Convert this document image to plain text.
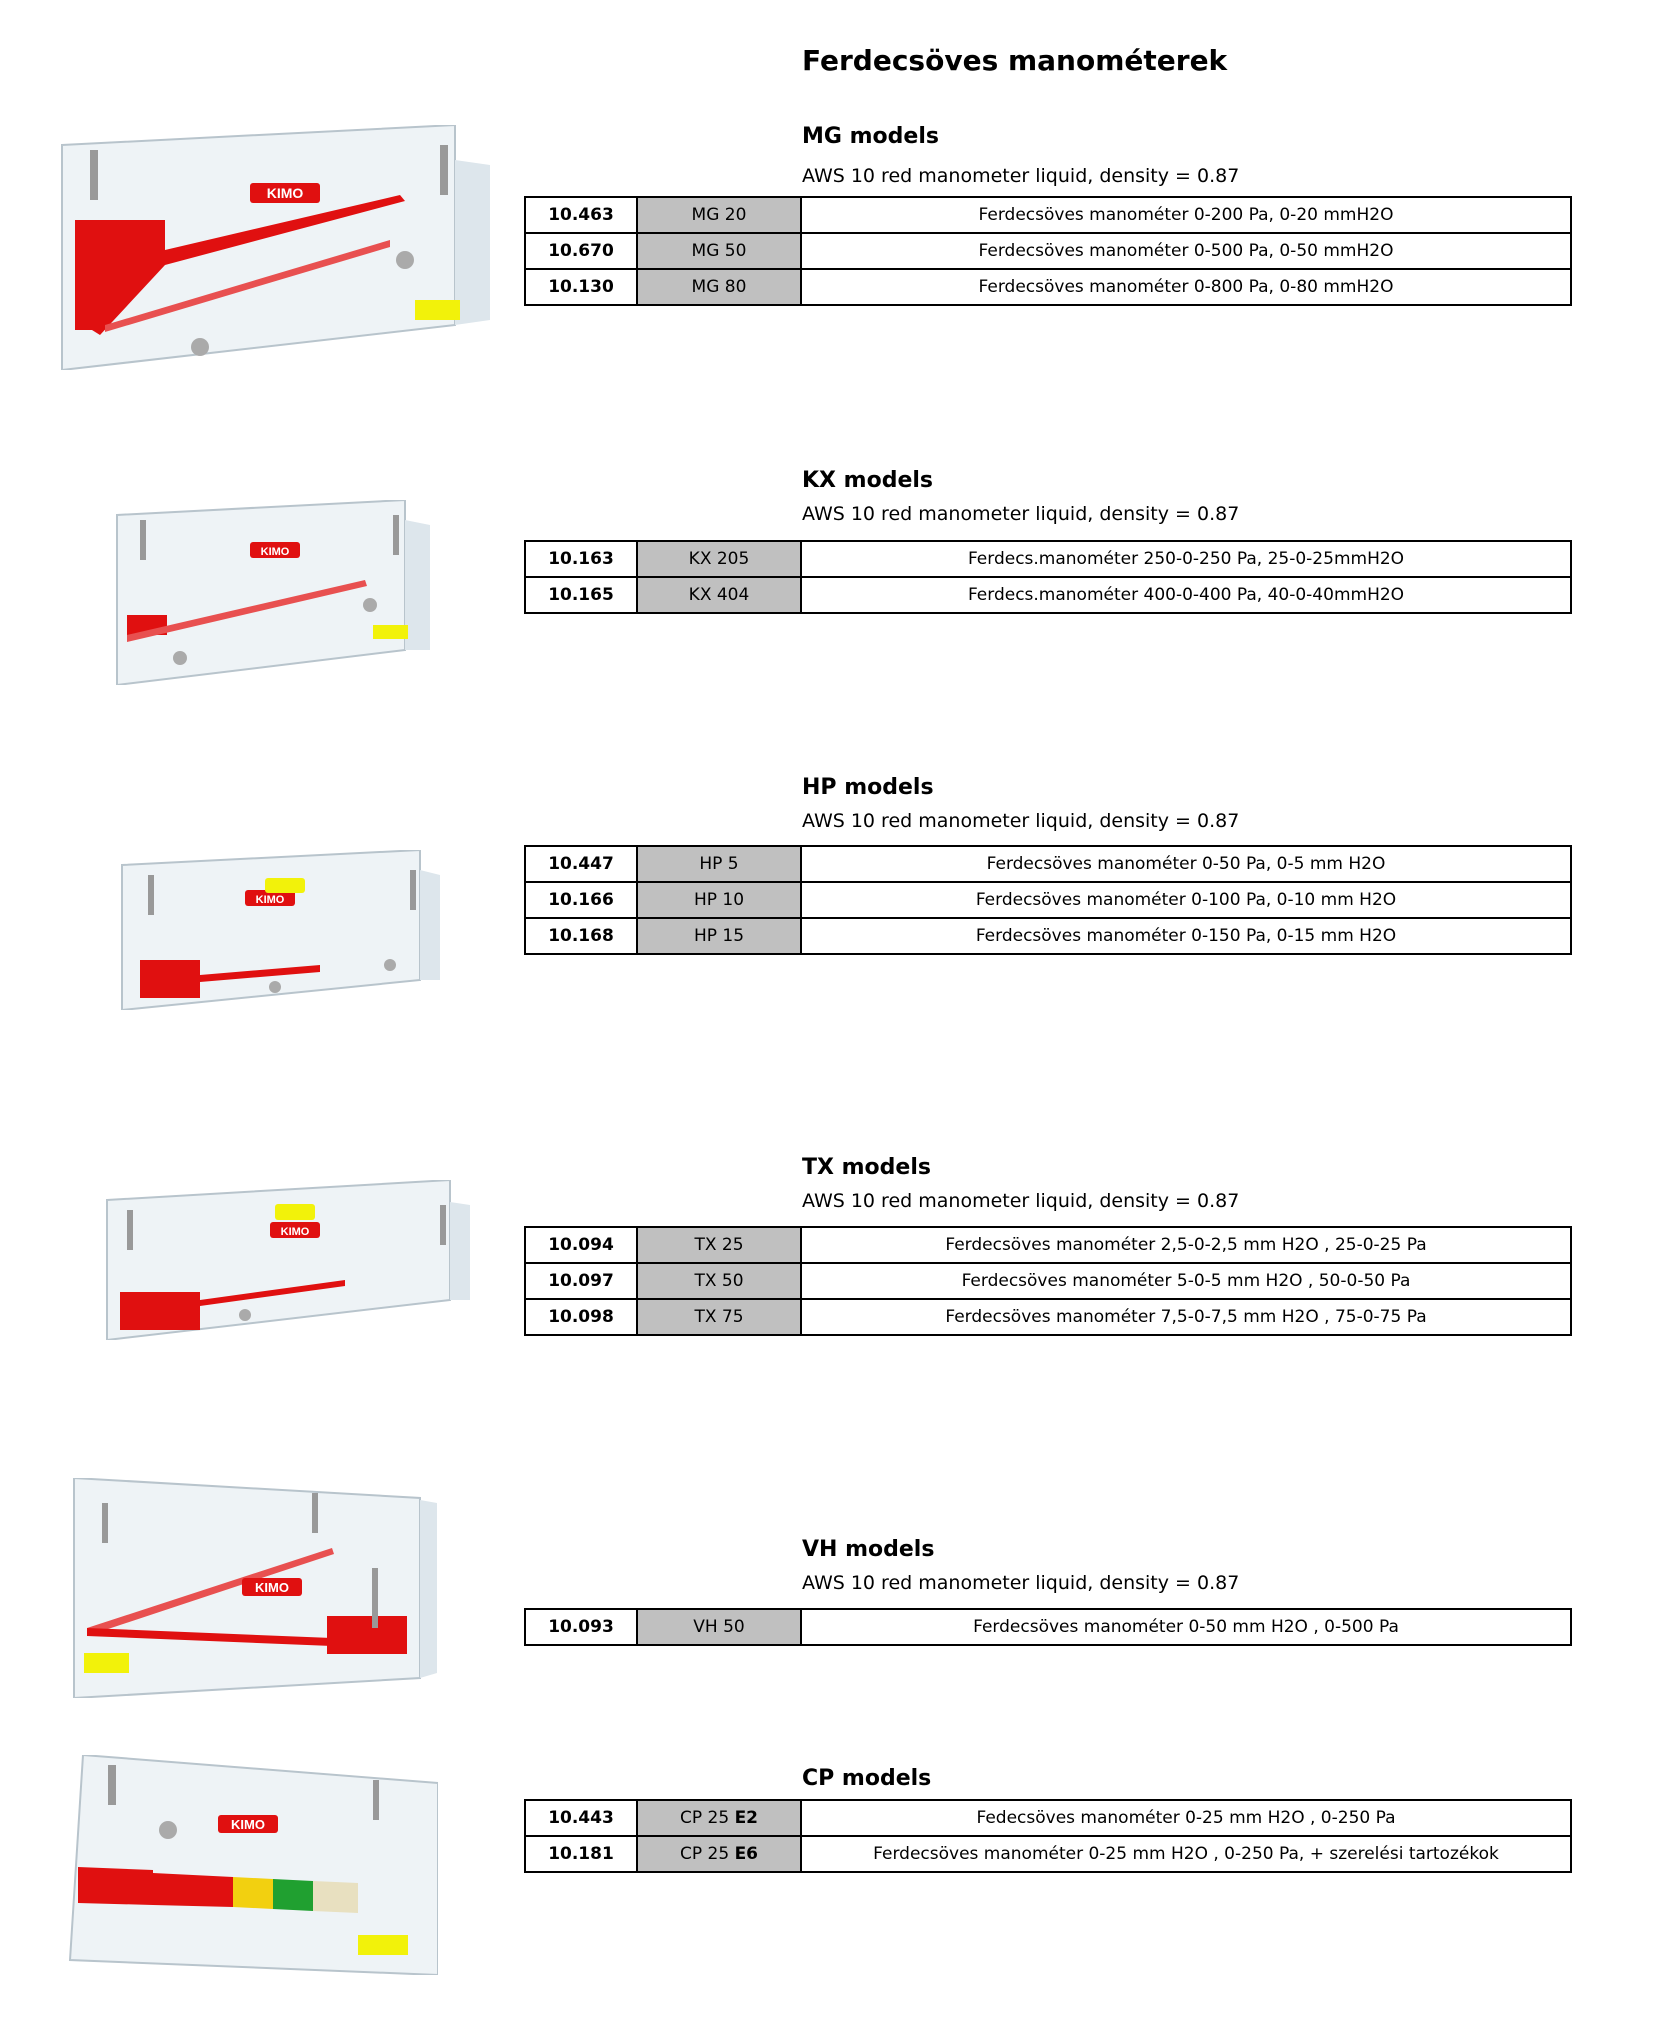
Ferdecsöves manométerek
KIMO
MG models
AWS 10 red manometer liquid, density = 0.87
10.463	MG 20	Ferdecsöves manométer 0-200 Pa, 0-20 mmH2O
10.670	MG 50	Ferdecsöves manométer 0-500 Pa, 0-50 mmH2O
10.130	MG 80	Ferdecsöves manométer 0-800 Pa, 0-80 mmH2O
KIMO
KX models
AWS 10 red manometer liquid, density = 0.87
10.163	KX 205	Ferdecs.manométer 250-0-250 Pa, 25-0-25mmH2O
10.165	KX 404	Ferdecs.manométer 400-0-400 Pa, 40-0-40mmH2O
KIMO
HP models
AWS 10 red manometer liquid, density = 0.87
10.447	HP 5	Ferdecsöves manométer 0-50 Pa, 0-5 mm H2O
10.166	HP 10	Ferdecsöves manométer 0-100 Pa, 0-10 mm H2O
10.168	HP 15	Ferdecsöves manométer 0-150 Pa, 0-15 mm H2O
KIMO
TX models
AWS 10 red manometer liquid, density = 0.87
10.094	TX 25	Ferdecsöves manométer 2,5-0-2,5 mm H2O , 25-0-25 Pa
10.097	TX 50	Ferdecsöves manométer 5-0-5 mm H2O , 50-0-50 Pa
10.098	TX 75	Ferdecsöves manométer 7,5-0-7,5 mm H2O , 75-0-75 Pa
KIMO
VH models
AWS 10 red manometer liquid, density = 0.87
10.093	VH 50	Ferdecsöves manométer 0-50 mm H2O , 0-500 Pa
KIMO
CP models
10.443	CP 25 E2	Fedecsöves manométer 0-25 mm H2O , 0-250 Pa
10.181	CP 25 E6	Ferdecsöves manométer 0-25 mm H2O , 0-250 Pa, + szerelési tartozékok
